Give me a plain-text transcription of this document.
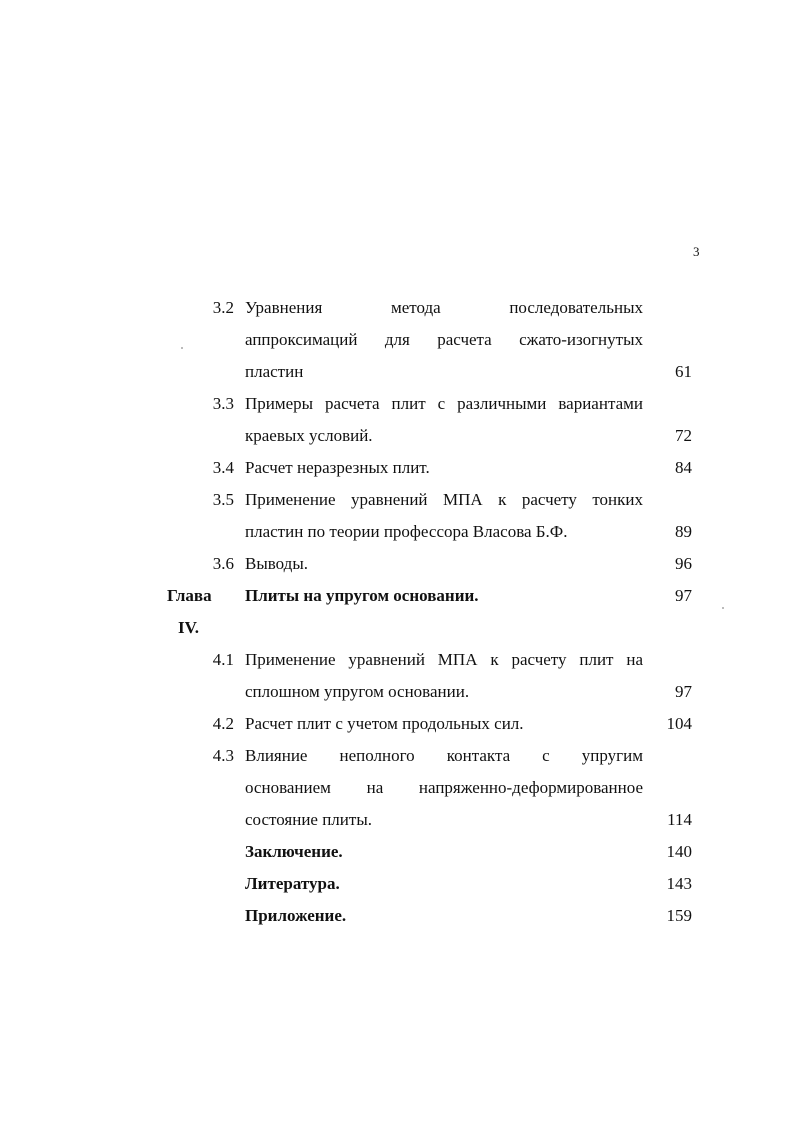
3
3.2 Уравнения метода последовательных
аппроксимаций для расчета сжато-изогнутых
пластин	61
3.3 Примеры расчета плит с различными вариантами
краевых условий.	72
3.4 Расчет неразрезных плит.	84
3.5 Применение уравнений МПА к расчету тонких
пластин по теории профессора Власова Б.Ф.	89
3.6 Выводы.	96
Глава Плиты на упругом основании.	97
IV.
4.1 Применение уравнений МПА к расчету плит на
сплошном упругом основании.	97
4.2 Расчет плит с учетом продольных сил.	104
4.3 Влияние неполного контакта с упругим
основанием на напряженно-деформированное
состояние плиты.	114
Заключение.	140
Литература.	143
Приложение.	159
